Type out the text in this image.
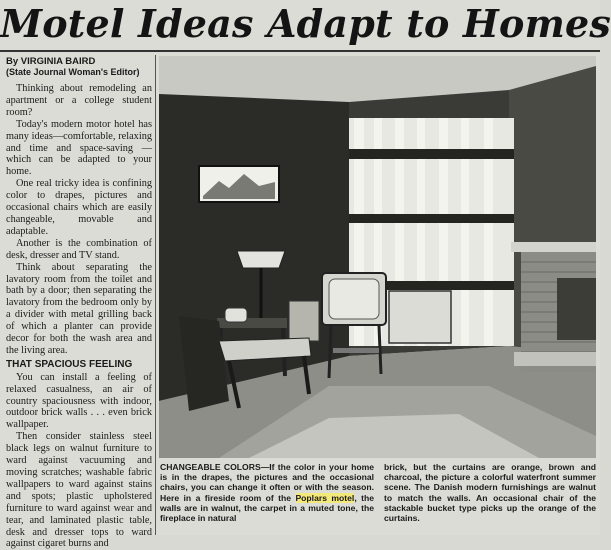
Motel Ideas Adapt to Homes
By VIRGINIA BAIRD
(State Journal Woman's Editor)

Thinking about remodeling an apartment or a college student room?

Today's modern motor hotel has many ideas—comfortable, relaxing and time and space-saving — which can be adapted to your home.

One real tricky idea is confining color to drapes, pictures and occasional chairs which are easily changeable, movable and adaptable.

Another is the combination of desk, dresser and TV stand.

Think about separating the lavatory room from the toilet and bath by a door; then separating the lavatory from the bedroom only by a divider with metal grilling back of which a planter can provide decor for both the wash area and the living area.

THAT SPACIOUS FEELING

You can install a feeling of relaxed casualness, an air of country spaciousness with indoor, outdoor brick walls . . . even brick wallpaper.

Then consider stainless steel black legs on walnut furniture to ward against vacuuming and moving scratches; washable fabric wallpapers to ward against stains and spots; plastic upholstered furniture to ward against wear and tear, and laminated plastic table, desk and dresser tops to ward against cigaret burns and

CHANGEABLE COLORS—If the color in your home is in the drapes, the pictures and the occasional chairs, you can change it often or with the season. Here in a fireside room of the Poplars motel, the walls are in walnut, the carpet in a muted tone, the fireplace in natural
brick, but the curtains are orange, brown and charcoal, the picture a colorful waterfront summer scene. The Danish modern furnishings are walnut to match the walls. An occasional chair of the stackable bucket type picks up the orange of the curtains.
